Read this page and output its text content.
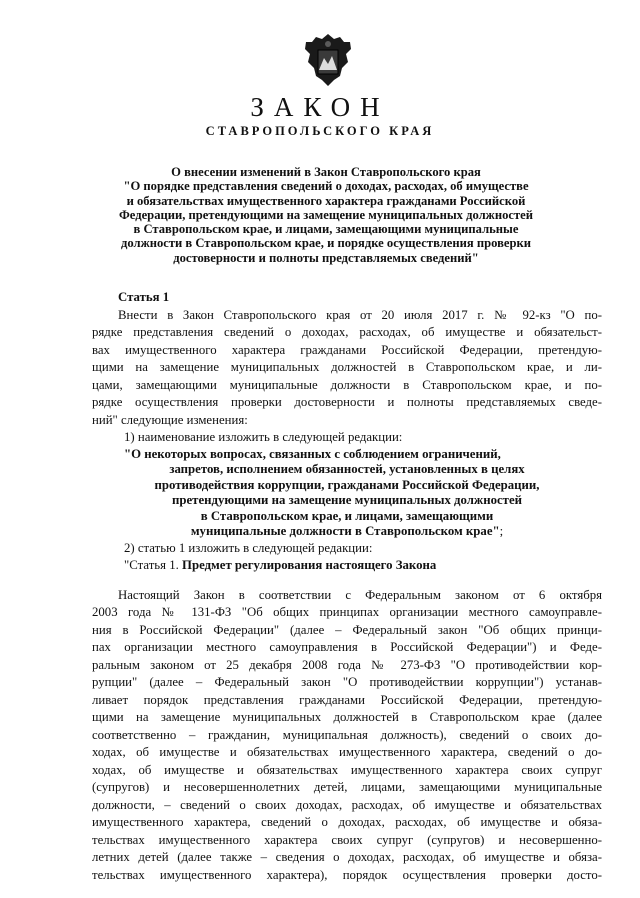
ЗАКОН
СТАВРОПОЛЬСКОГО КРАЯ
О внесении изменений в Закон Ставропольского края
"О порядке представления сведений о доходах, расходах, об имуществе
и обязательствах имущественного характера гражданами Российской
Федерации, претендующими на замещение муниципальных должностей
в Ставропольском крае, и лицами, замещающими муниципальные
должности в Ставропольском крае, и порядке осуществления проверки
достоверности и полноты представляемых сведений"
Статья 1
Внести в Закон Ставропольского края от 20 июля 2017 г. № 92-кз "О по-
рядке представления сведений о доходах, расходах, об имуществе и обязательст-
вах имущественного характера гражданами Российской Федерации, претендую-
щими на замещение муниципальных должностей в Ставропольском крае, и ли-
цами, замещающими муниципальные должности в Ставропольском крае, и по-
рядке осуществления проверки достоверности и полноты представляемых сведе-
ний" следующие изменения:
1) наименование изложить в следующей редакции:
"О некоторых вопросах, связанных с соблюдением ограничений,
запретов, исполнением обязанностей, установленных в целях
противодействия коррупции, гражданами Российской Федерации,
претендующими на замещение муниципальных должностей
в Ставропольском крае, и лицами, замещающими
муниципальные должности в Ставропольском крае";
2) статью 1 изложить в следующей редакции:
"Статья 1. Предмет регулирования настоящего Закона
Настоящий Закон в соответствии с Федеральным законом от 6 октября
2003 года № 131-ФЗ "Об общих принципах организации местного самоуправле-
ния в Российской Федерации" (далее – Федеральный закон "Об общих принци-
пах организации местного самоуправления в Российской Федерации") и Феде-
ральным законом от 25 декабря 2008 года № 273-ФЗ "О противодействии кор-
рупции" (далее – Федеральный закон "О противодействии коррупции") устанав-
ливает порядок представления гражданами Российской Федерации, претендую-
щими на замещение муниципальных должностей в Ставропольском крае (далее
соответственно – гражданин, муниципальная должность), сведений о своих до-
ходах, об имуществе и обязательствах имущественного характера, сведений о до-
ходах, об имуществе и обязательствах имущественного характера своих супруг
(супругов) и несовершеннолетних детей, лицами, замещающими муниципальные
должности, – сведений о своих доходах, расходах, об имуществе и обязательствах
имущественного характера, сведений о доходах, расходах, об имуществе и обяза-
тельствах имущественного характера своих супруг (супругов) и несовершенно-
летних детей (далее также – сведения о доходах, расходах, об имуществе и обяза-
тельствах имущественного характера), порядок осуществления проверки досто-
